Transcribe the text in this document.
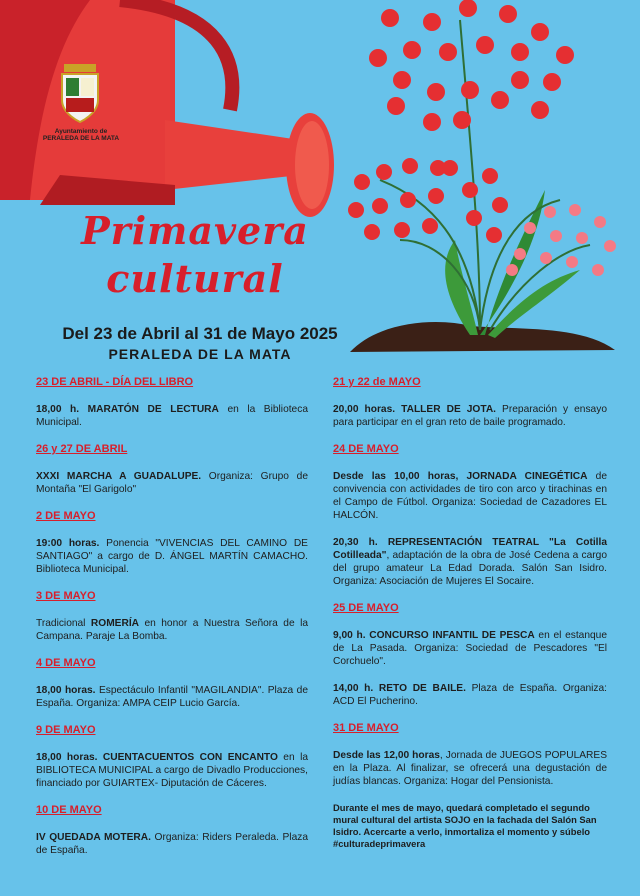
Ayuntamiento de
PERALEDA DE LA MATA
Primavera
cultural
Del 23 de Abril al 31 de Mayo 2025
PERALEDA DE LA MATA
23 DE ABRIL - DÍA DEL LIBRO
18,00 h. MARATÓN DE LECTURA en la Biblioteca Municipal.
26 y 27 DE ABRIL
XXXI MARCHA A GUADALUPE. Organiza: Grupo de Montaña "El Garigolo"
2 DE MAYO
19:00 horas. Ponencia "VIVENCIAS DEL CAMINO DE SANTIAGO" a cargo de D. ÁNGEL MARTÍN CAMACHO. Biblioteca Municipal.
3 DE MAYO
Tradicional ROMERÍA en honor a Nuestra Señora de la Campana. Paraje La Bomba.
4 DE MAYO
18,00 horas. Espectáculo Infantil "MAGILANDIA". Plaza de España. Organiza: AMPA CEIP Lucio García.
9 DE MAYO
18,00 horas. CUENTACUENTOS CON ENCANTO en la BIBLIOTECA MUNICIPAL a cargo de Divadlo Producciones, financiado por GUIARTEX- Diputación de Cáceres.
10 DE MAYO
IV QUEDADA MOTERA. Organiza: Riders Peraleda. Plaza de España.
21 y 22 de MAYO
20,00 horas. TALLER DE JOTA. Preparación y ensayo para participar en el gran reto de baile programado.
24 DE MAYO
Desde las 10,00 horas, JORNADA CINEGÉTICA de convivencia con actividades de tiro con arco y tirachinas en el Campo de Fútbol. Organiza: Sociedad de Cazadores EL HALCÓN.
20,30 h. REPRESENTACIÓN TEATRAL "La Cotilla Cotilleada", adaptación de la obra de José Cedena a cargo del grupo amateur La Edad Dorada. Salón San Isidro. Organiza: Asociación de Mujeres El Socaire.
25 DE MAYO
9,00 h. CONCURSO INFANTIL DE PESCA en el estanque de La Pasada. Organiza: Sociedad de Pescadores "El Corchuelo".
14,00 h. RETO DE BAILE. Plaza de España. Organiza: ACD El Pucherino.
31 DE MAYO
Desde las 12,00 horas, Jornada de JUEGOS POPULARES en la Plaza. Al finalizar, se ofrecerá una degustación de judías blancas. Organiza: Hogar del Pensionista.
Durante el mes de mayo, quedará completado el segundo mural cultural del artista SOJO en la fachada del Salón San Isidro. Acercarte a verlo, inmortaliza el momento y súbelo #culturadeprimavera
